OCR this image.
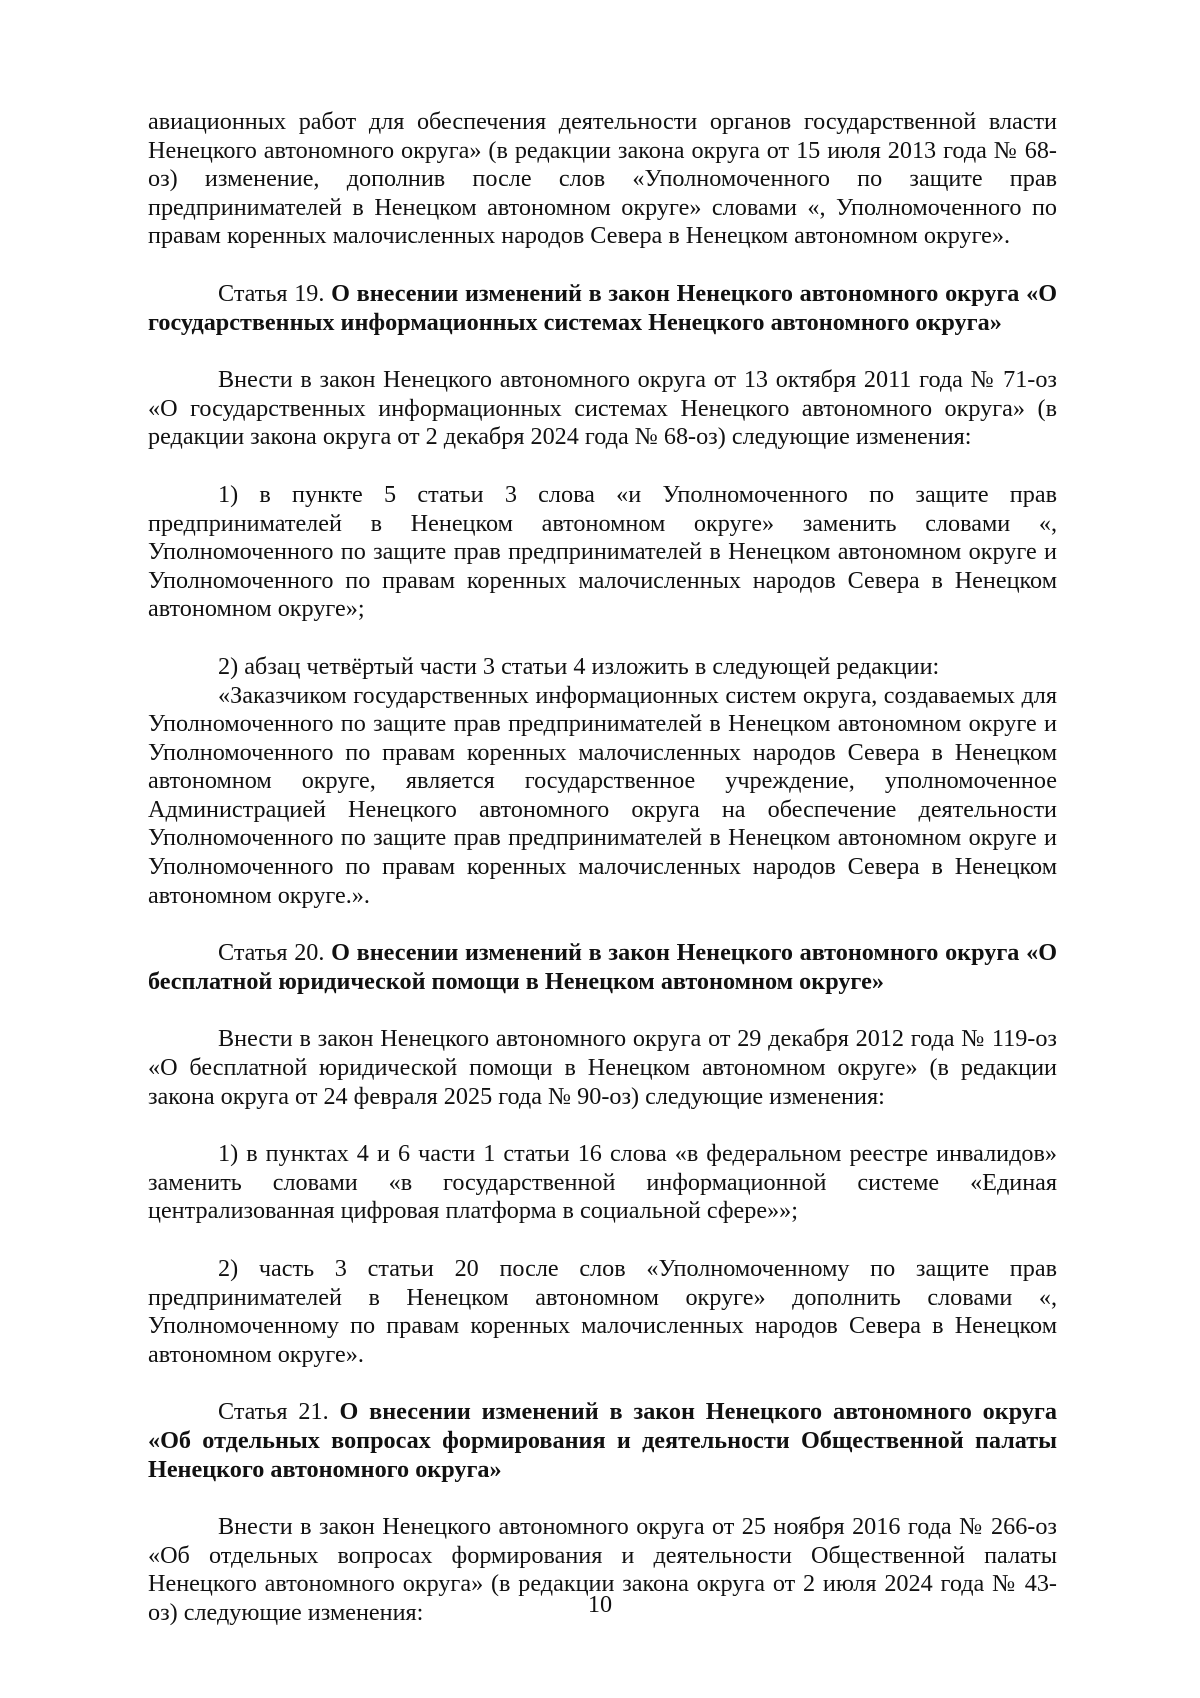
авиационных работ для обеспечения деятельности органов государственной власти Ненецкого автономного округа» (в редакции закона округа от 15 июля 2013 года № 68-оз) изменение, дополнив после слов «Уполномоченного по защите прав предпринимателей в Ненецком автономном округе» словами «, Уполномоченного по правам коренных малочисленных народов Севера в Ненецком автономном округе».

Статья 19. О внесении изменений в закон Ненецкого автономного округа «О государственных информационных системах Ненецкого автономного округа»

Внести в закон Ненецкого автономного округа от 13 октября 2011 года № 71-оз «О государственных информационных системах Ненецкого автономного округа» (в редакции закона округа от 2 декабря 2024 года № 68-оз) следующие изменения:

1) в пункте 5 статьи 3 слова «и Уполномоченного по защите прав предпринимателей в Ненецком автономном округе» заменить словами «, Уполномоченного по защите прав предпринимателей в Ненецком автономном округе и Уполномоченного по правам коренных малочисленных народов Севера в Ненецком автономном округе»;

2) абзац четвёртый части 3 статьи 4 изложить в следующей редакции:

«Заказчиком государственных информационных систем округа, создаваемых для Уполномоченного по защите прав предпринимателей в Ненецком автономном округе и Уполномоченного по правам коренных малочисленных народов Севера в Ненецком автономном округе, является государственное учреждение, уполномоченное Администрацией Ненецкого автономного округа на обеспечение деятельности Уполномоченного по защите прав предпринимателей в Ненецком автономном округе и Уполномоченного по правам коренных малочисленных народов Севера в Ненецком автономном округе.».

Статья 20. О внесении изменений в закон Ненецкого автономного округа «О бесплатной юридической помощи в Ненецком автономном округе»

Внести в закон Ненецкого автономного округа от 29 декабря 2012 года № 119-оз «О бесплатной юридической помощи в Ненецком автономном округе» (в редакции закона округа от 24 февраля 2025 года № 90-оз) следующие изменения:

1) в пунктах 4 и 6 части 1 статьи 16 слова «в федеральном реестре инвалидов» заменить словами «в государственной информационной системе «Единая централизованная цифровая платформа в социальной сфере»»;

2) часть 3 статьи 20 после слов «Уполномоченному по защите прав предпринимателей в Ненецком автономном округе» дополнить словами «, Уполномоченному по правам коренных малочисленных народов Севера в Ненецком автономном округе».

Статья 21. О внесении изменений в закон Ненецкого автономного округа «Об отдельных вопросах формирования и деятельности Общественной палаты Ненецкого автономного округа»

Внести в закон Ненецкого автономного округа от 25 ноября 2016 года № 266-оз «Об отдельных вопросах формирования и деятельности Общественной палаты Ненецкого автономного округа» (в редакции закона округа от 2 июля 2024 года № 43-оз) следующие изменения:	10
